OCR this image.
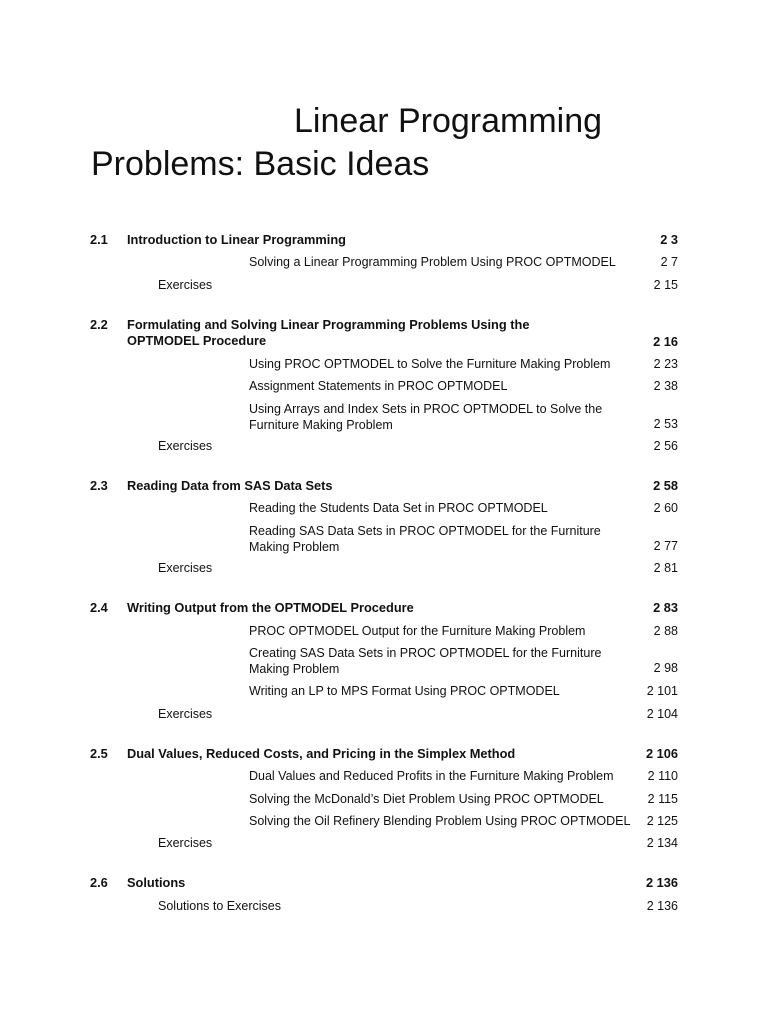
Linear Programming
Problems: Basic Ideas
2.1 Introduction to Linear Programming	2 3
Solving a Linear Programming Problem Using PROC OPTMODEL	2 7
Exercises	2 15
2.2 Formulating and Solving Linear Programming Problems Using the OPTMODEL Procedure	2 16
Using PROC OPTMODEL to Solve the Furniture Making Problem	2 23
Assignment Statements in PROC OPTMODEL	2 38
Using Arrays and Index Sets in PROC OPTMODEL to Solve the Furniture Making Problem	2 53
Exercises	2 56
2.3 Reading Data from SAS Data Sets	2 58
Reading the Students Data Set in PROC OPTMODEL	2 60
Reading SAS Data Sets in PROC OPTMODEL for the Furniture Making Problem	2 77
Exercises	2 81
2.4 Writing Output from the OPTMODEL Procedure	2 83
PROC OPTMODEL Output for the Furniture Making Problem	2 88
Creating SAS Data Sets in PROC OPTMODEL for the Furniture Making Problem	2 98
Writing an LP to MPS Format Using PROC OPTMODEL	2 101
Exercises	2 104
2.5 Dual Values, Reduced Costs, and Pricing in the Simplex Method	2 106
Dual Values and Reduced Profits in the Furniture Making Problem	2 110
Solving the McDonald’s Diet Problem Using PROC OPTMODEL	2 115
Solving the Oil Refinery Blending Problem Using PROC OPTMODEL	2 125
Exercises	2 134
2.6 Solutions	2 136
Solutions to Exercises	2 136
